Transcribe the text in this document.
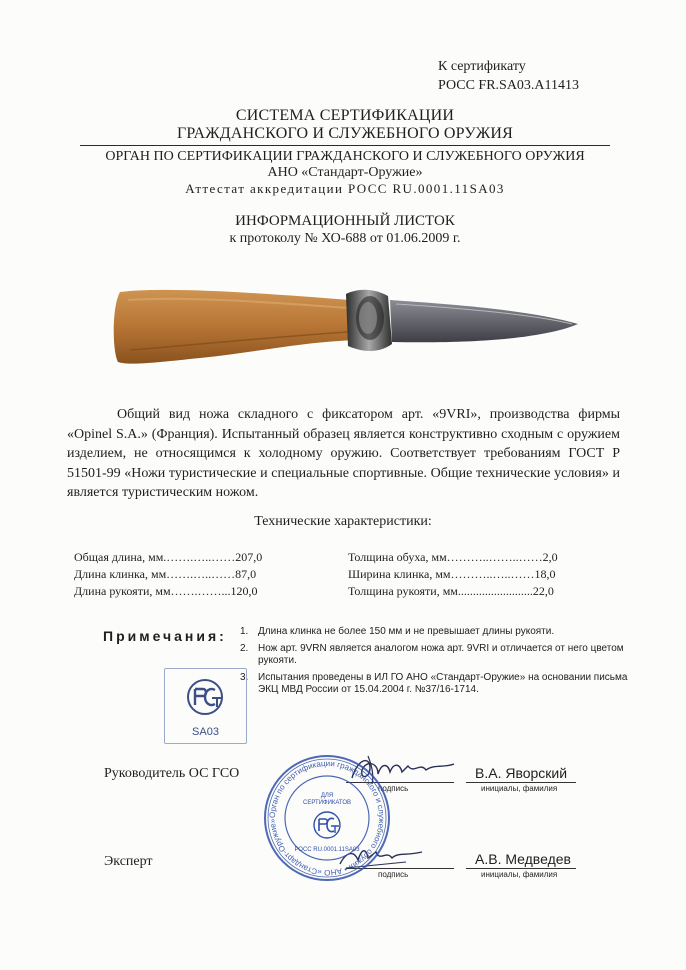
К сертификату
РОСС FR.SA03.A11413
СИСТЕМА СЕРТИФИКАЦИИ
ГРАЖДАНСКОГО И СЛУЖЕБНОГО ОРУЖИЯ
ОРГАН ПО СЕРТИФИКАЦИИ ГРАЖДАНСКОГО И СЛУЖЕБНОГО ОРУЖИЯ
АНО «Стандарт-Оружие»
Аттестат аккредитации РОСС RU.0001.11SA03
ИНФОРМАЦИОННЫЙ ЛИСТОК
к протоколу № ХО-688 от 01.06.2009 г.
Общий вид ножа складного с фиксатором арт. «9VRI», производства фирмы «Opinel S.A.» (Франция). Испытанный образец является конструктивно сходным с оружием изделием, не относящимся к холодному оружию. Соответствует требованиям ГОСТ Р 51501-99 «Ножи туристические и специальные спортивные. Общие технические условия» и является туристическим ножом.
Технические характеристики:
Общая длина, мм.…….…..……207,0
Длина клинка, мм…….…..……87,0
Длина рукояти, мм…….……...120,0
Толщина обуха, мм………..……..……2,0
Ширина клинка, мм………..…..……18,0
Толщина рукояти, мм.........................22,0
Примечания: 1. Длина клинка не более 150 мм и не превышает длины рукояти.
2. Нож арт. 9VRN является аналогом ножа арт. 9VRI и отличается от него цветом рукояти.
3. Испытания проведены в ИЛ ГО АНО «Стандарт-Оружие» на основании письма ЭКЦ МВД России от 15.04.2004 г. №37/16-1714.
SA03
Руководитель ОС ГСО
подпись
В.А. Яворский
инициалы, фамилия
Эксперт
подпись
А.В. Медведев
инициалы, фамилия
Орган по сертификации гражданского и служебного оружия • АНО «Стандарт-Оружие»
ДЛЯ
СЕРТИФИКАТОВ
РОСС RU.0001.11SA03
